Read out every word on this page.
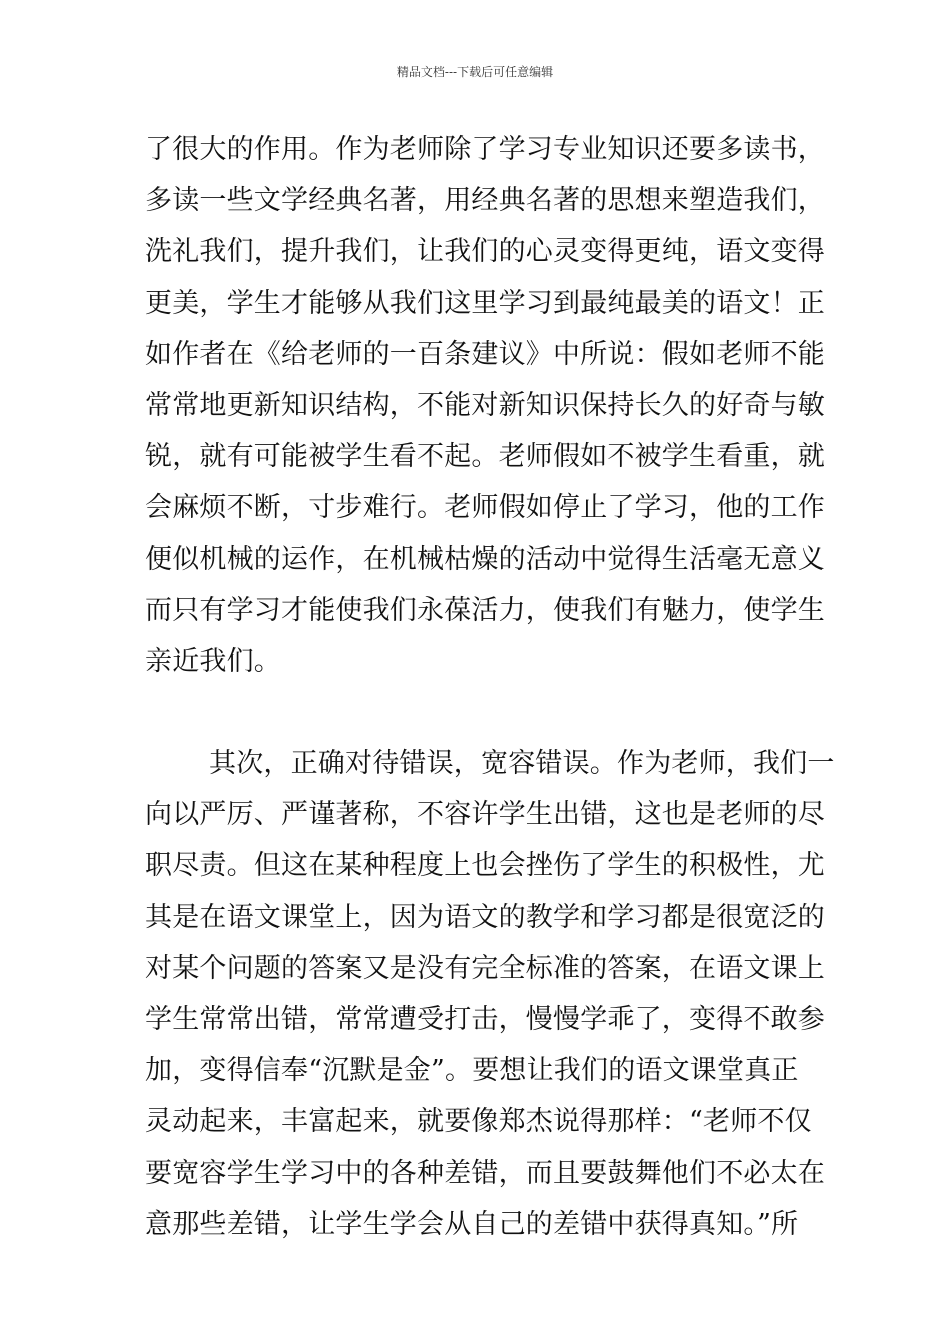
精品文档---下载后可任意编辑
了很大的作用。作为老师除了学习专业知识还要多读书，
多读一些文学经典名著，用经典名著的思想来塑造我们，
洗礼我们，提升我们，让我们的心灵变得更纯，语文变得
更美，学生才能够从我们这里学习到最纯最美的语文！正
如作者在《给老师的一百条建议》中所说：假如老师不能
常常地更新知识结构，不能对新知识保持长久的好奇与敏
锐，就有可能被学生看不起。老师假如不被学生看重，就
会麻烦不断，寸步难行。老师假如停止了学习，他的工作
便似机械的运作，在机械枯燥的活动中觉得生活毫无意义
而只有学习才能使我们永葆活力，使我们有魅力，使学生
亲近我们。
其次，正确对待错误，宽容错误。作为老师，我们一
向以严厉、严谨著称，不容许学生出错，这也是老师的尽
职尽责。但这在某种程度上也会挫伤了学生的积极性，尤
其是在语文课堂上，因为语文的教学和学习都是很宽泛的
对某个问题的答案又是没有完全标准的答案，在语文课上
学生常常出错，常常遭受打击，慢慢学乖了，变得不敢参
加，变得信奉“沉默是金”。要想让我们的语文课堂真正
灵动起来，丰富起来，就要像郑杰说得那样：“老师不仅
要宽容学生学习中的各种差错，而且要鼓舞他们不必太在
意那些差错，让学生学会从自己的差错中获得真知。”所
